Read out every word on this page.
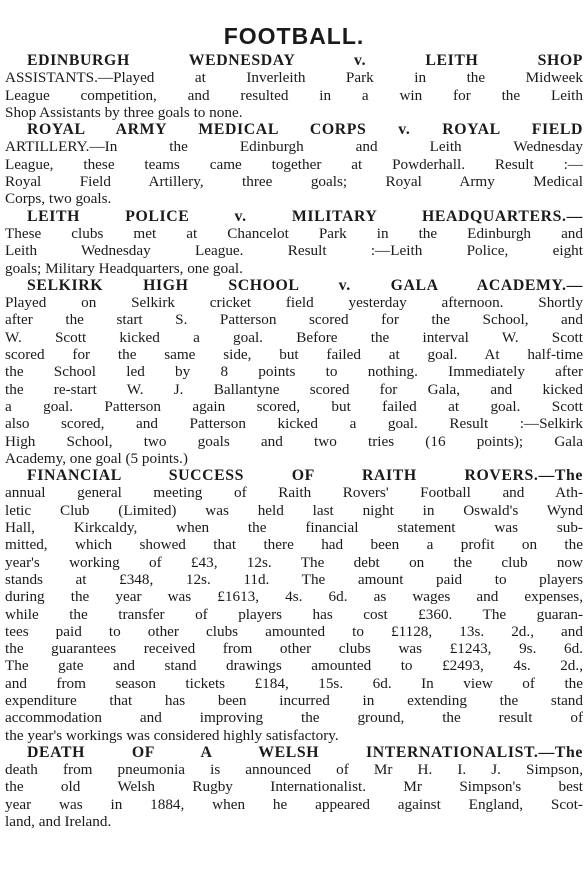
FOOTBALL.
EDINBURGH WEDNESDAY v. LEITH SHOP
ASSISTANTS.—Played at Inverleith Park in the Midweek
League competition, and resulted in a win for the Leith
Shop Assistants by three goals to none.
ROYAL ARMY MEDICAL CORPS v. ROYAL FIELD
ARTILLERY.—In the Edinburgh and Leith Wednesday
League, these teams came together at Powderhall. Result :—
Royal Field Artillery, three goals; Royal Army Medical
Corps, two goals.
LEITH POLICE v. MILITARY HEADQUARTERS.—
These clubs met at Chancelot Park in the Edinburgh and
Leith Wednesday League. Result :—Leith Police, eight
goals; Military Headquarters, one goal.
SELKIRK HIGH SCHOOL v. GALA ACADEMY.—
Played on Selkirk cricket field yesterday afternoon. Shortly
after the start S. Patterson scored for the School, and
W. Scott kicked a goal. Before the interval W. Scott
scored for the same side, but failed at goal. At half-time
the School led by 8 points to nothing. Immediately after
the re-start W. J. Ballantyne scored for Gala, and kicked
a goal. Patterson again scored, but failed at goal. Scott
also scored, and Patterson kicked a goal. Result :—Selkirk
High School, two goals and two tries (16 points); Gala
Academy, one goal (5 points.)
FINANCIAL SUCCESS OF RAITH ROVERS.—The
annual general meeting of Raith Rovers' Football and Ath-
letic Club (Limited) was held last night in Oswald's Wynd
Hall, Kirkcaldy, when the financial statement was sub-
mitted, which showed that there had been a profit on the
year's working of £43, 12s. The debt on the club now
stands at £348, 12s. 11d. The amount paid to players
during the year was £1613, 4s. 6d. as wages and expenses,
while the transfer of players has cost £360. The guaran-
tees paid to other clubs amounted to £1128, 13s. 2d., and
the guarantees received from other clubs was £1243, 9s. 6d.
The gate and stand drawings amounted to £2493, 4s. 2d.,
and from season tickets £184, 15s. 6d. In view of the
expenditure that has been incurred in extending the stand
accommodation and improving the ground, the result of
the year's workings was considered highly satisfactory.
DEATH OF A WELSH INTERNATIONALIST.—The
death from pneumonia is announced of Mr H. I. J. Simpson,
the old Welsh Rugby Internationalist. Mr Simpson's best
year was in 1884, when he appeared against England, Scot-
land, and Ireland.
